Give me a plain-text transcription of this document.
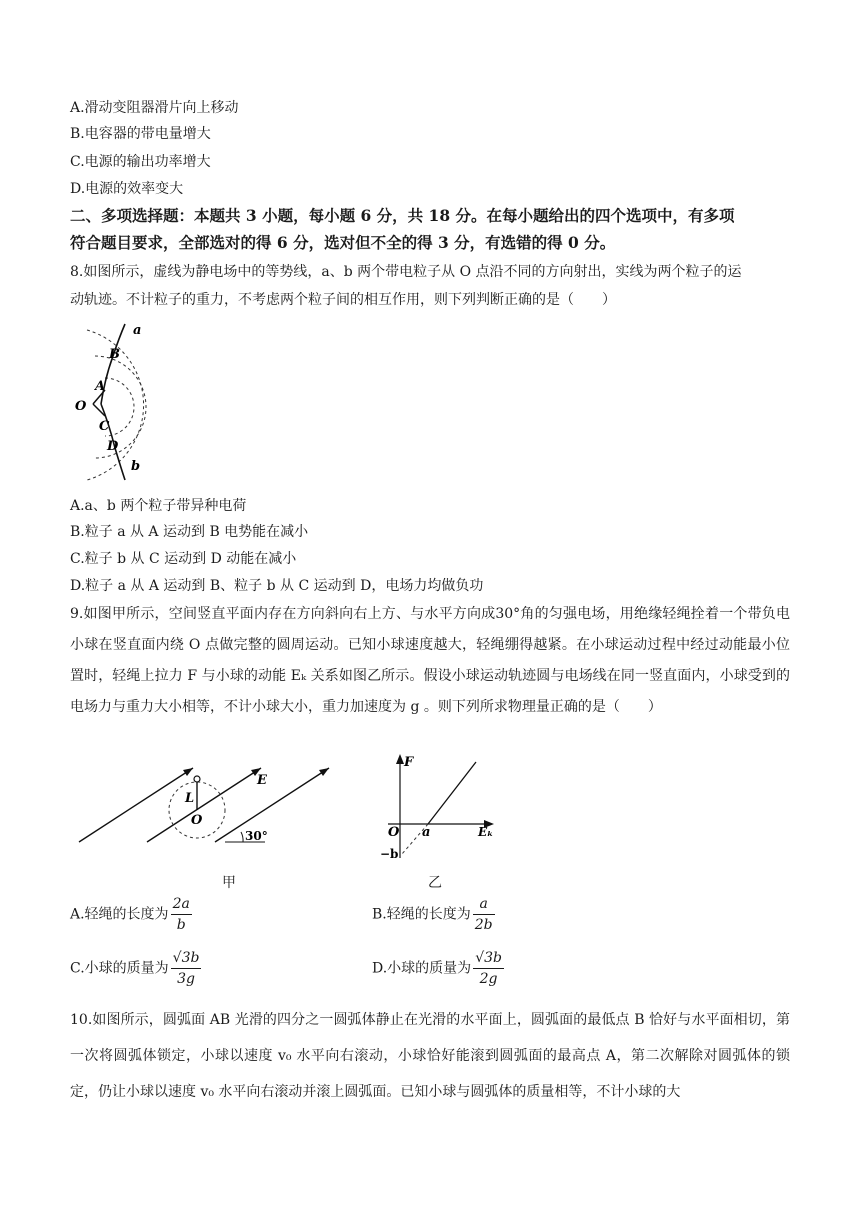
A.滑动变阻器滑片向上移动
B.电容器的带电量增大
C.电源的输出功率增大
D.电源的效率变大
二、多项选择题：本题共 3 小题，每小题 6 分，共 18 分。在每小题给出的四个选项中，有多项
符合题目要求，全部选对的得 6 分，选对但不全的得 3 分，有选错的得 0 分。
8.如图所示，虚线为静电场中的等势线，a、b 两个带电粒子从 O 点沿不同的方向射出，实线为两个粒子的运
动轨迹。不计粒子的重力，不考虑两个粒子间的相互作用，则下列判断正确的是（　　）
a
B
A
O
C
D
b
A.a、b 两个粒子带异种电荷
B.粒子 a 从 A 运动到 B 电势能在减小
C.粒子 b 从 C 运动到 D 动能在减小
D.粒子 a 从 A 运动到 B、粒子 b 从 C 运动到 D，电场力均做负功
9.如图甲所示，空间竖直平面内存在方向斜向右上方、与水平方向成30°角的匀强电场，用绝缘轻绳拴着一个带负电小球在竖直面内绕 O 点做完整的圆周运动。已知小球速度越大，轻绳绷得越紧。在小球运动过程中经过动能最小位置时，轻绳上拉力 F 与小球的动能 Eₖ 关系如图乙所示。假设小球运动轨迹圆与电场线在同一竖直面内，小球受到的电场力与重力大小相等，不计小球大小，重力加速度为 g 。则下列所求物理量正确的是（　　）
E
L
O
30°
甲
F
O a	Eₖ
−b
乙
A.轻绳的长度为 $\frac{2a}{b}$	B.轻绳的长度为 $\frac{a}{2b}$
C.小球的质量为 $\frac{√3b}{3g}$	D.小球的质量为 $\frac{√3b}{2g}$
10.如图所示，圆弧面 AB 光滑的四分之一圆弧体静止在光滑的水平面上，圆弧面的最低点 B 恰好与水平面相切，第一次将圆弧体锁定，小球以速度 v₀ 水平向右滚动，小球恰好能滚到圆弧面的最高点 A，第二次解除对圆弧体的锁定，仍让小球以速度 v₀ 水平向右滚动并滚上圆弧面。已知小球与圆弧体的质量相等，不计小球的大
